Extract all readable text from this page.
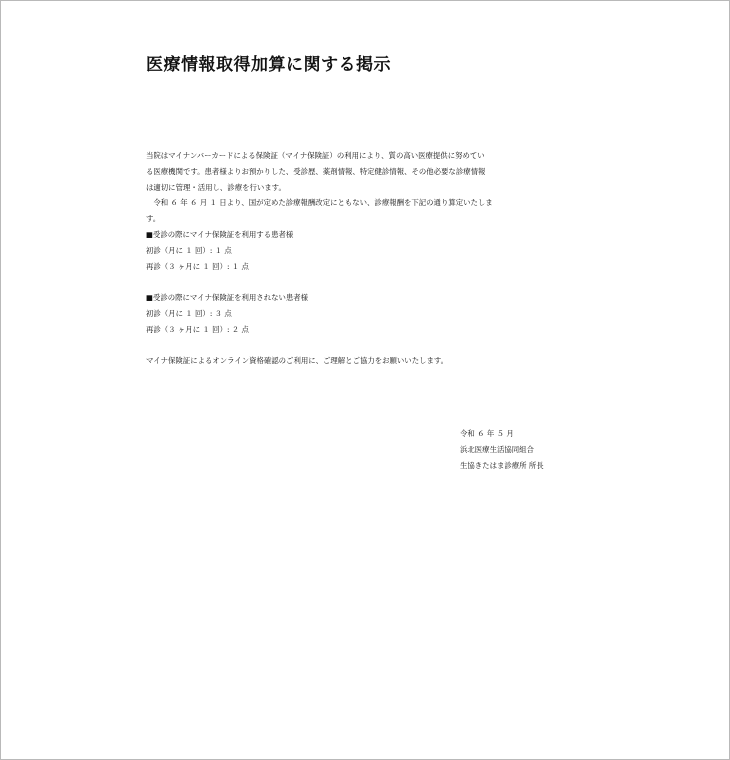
医療情報取得加算に関する掲示
当院はマイナンバーカードによる保険証（マイナ保険証）の利用により、質の高い医療提供に努めてい
る医療機関です。患者様よりお預かりした、受診歴、薬剤情報、特定健診情報、その他必要な診療情報
は適切に管理・活用し、診療を行います。
　令和 ６ 年 ６ 月 １ 日より、国が定めた診療報酬改定にともない、診療報酬を下記の通り算定いたしま
す。
■受診の際にマイナ保険証を利用する患者様
初診（月に １ 回）: １ 点
再診（３ ヶ月に １ 回）: １ 点
■受診の際にマイナ保険証を利用されない患者様
初診（月に １ 回）: ３ 点
再診（３ ヶ月に １ 回）: ２ 点
マイナ保険証によるオンライン資格確認のご利用に、ご理解とご協力をお願いいたします。
令和 ６ 年 ５ 月
浜北医療生活協同組合
生協きたはま診療所 所長
